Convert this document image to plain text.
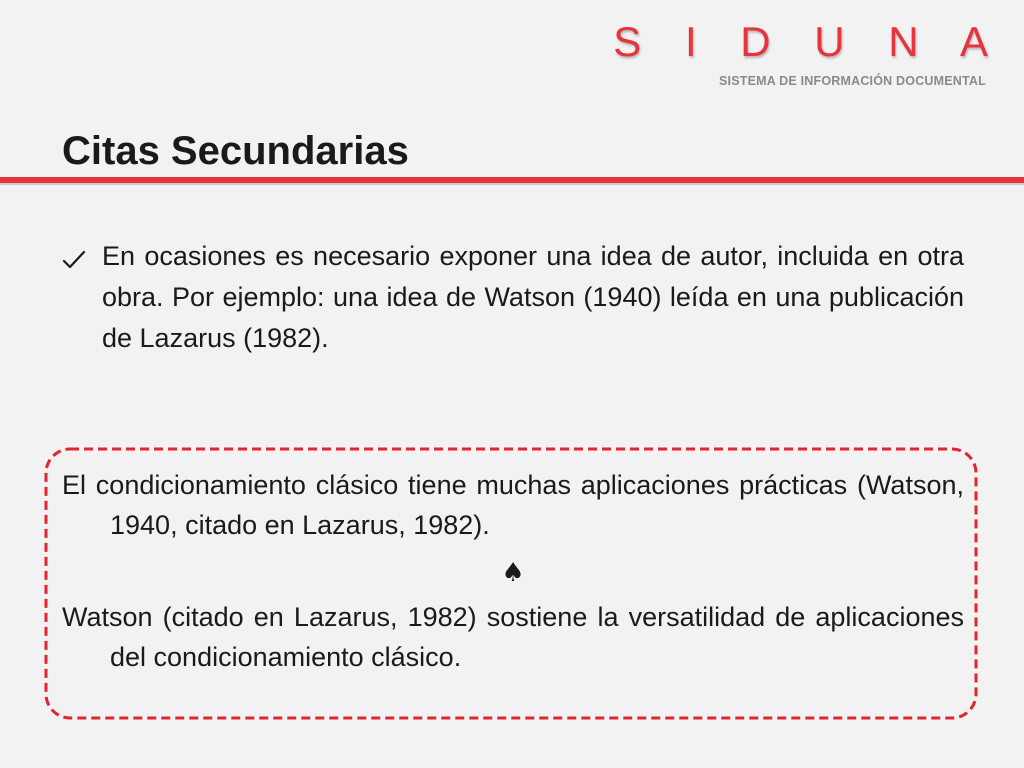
S I D U N A
SISTEMA DE INFORMACIÓN DOCUMENTAL
Citas Secundarias
En ocasiones es necesario exponer una idea de autor, incluida en otra obra. Por ejemplo: una idea de Watson (1940) leída en una publicación de Lazarus (1982).

El condicionamiento clásico tiene muchas aplicaciones prácticas (Watson, 1940, citado en Lazarus, 1982).

♠

Watson (citado en Lazarus, 1982) sostiene la versatilidad de aplicaciones del condicionamiento clásico.
